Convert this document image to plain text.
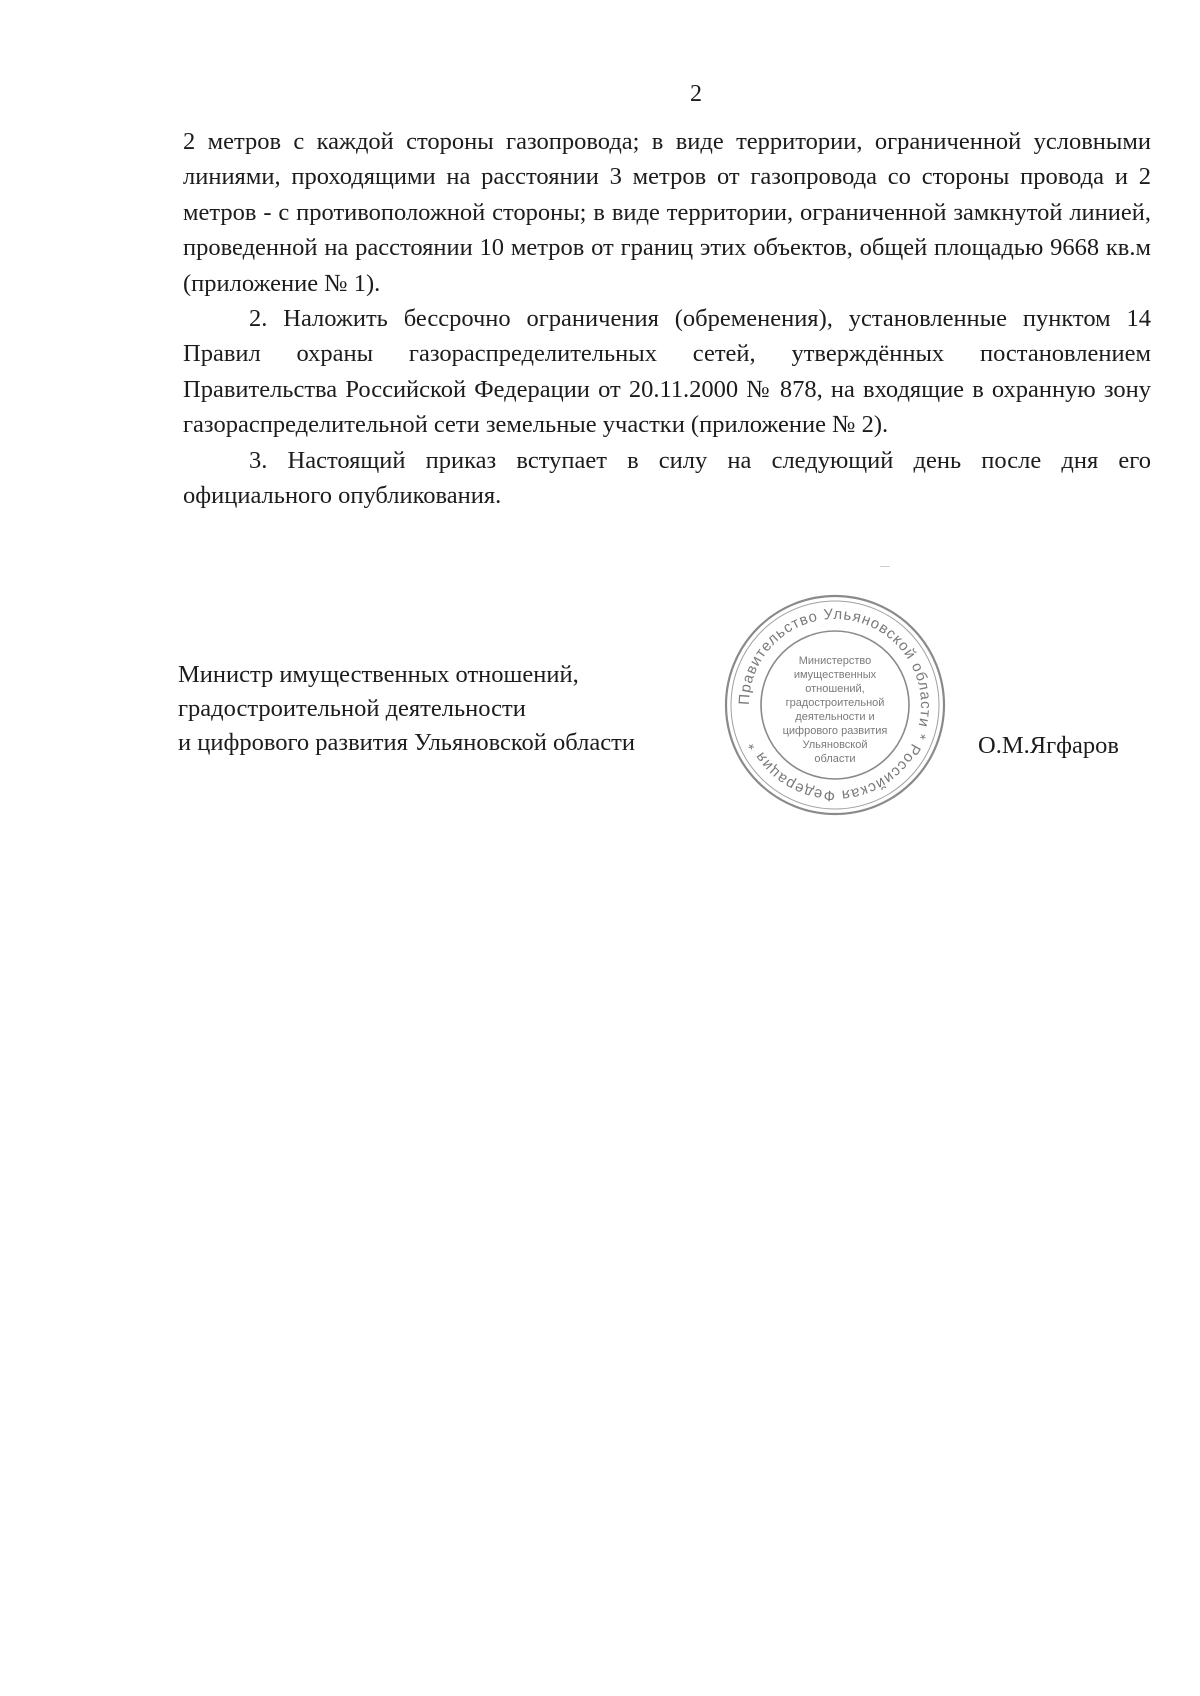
2

2 метров с каждой стороны газопровода; в виде территории, ограниченной условными линиями, проходящими на расстоянии 3 метров от газопровода со стороны провода и 2 метров - с противоположной стороны; в виде территории, ограниченной замкнутой линией, проведенной на расстоянии 10 метров от границ этих объектов, общей площадью 9668 кв.м (приложение № 1).

2. Наложить бессрочно ограничения (обременения), установленные пунктом 14 Правил охраны газораспределительных сетей, утверждённых постановлением Правительства Российской Федерации от 20.11.2000 № 878, на входящие в охранную зону газораспределительной сети земельные участки (приложение № 2).

3. Настоящий приказ вступает в силу на следующий день после дня его официального опубликования.

Министр имущественных отношений,
градостроительной деятельности
и цифрового развития Ульяновской области
Правительство Ульяновской области * Российская Федерация *
Министерство
имущественных
отношений,
градостроительной
деятельности и
цифрового развития
Ульяновской
области	О.М.Ягфаров
